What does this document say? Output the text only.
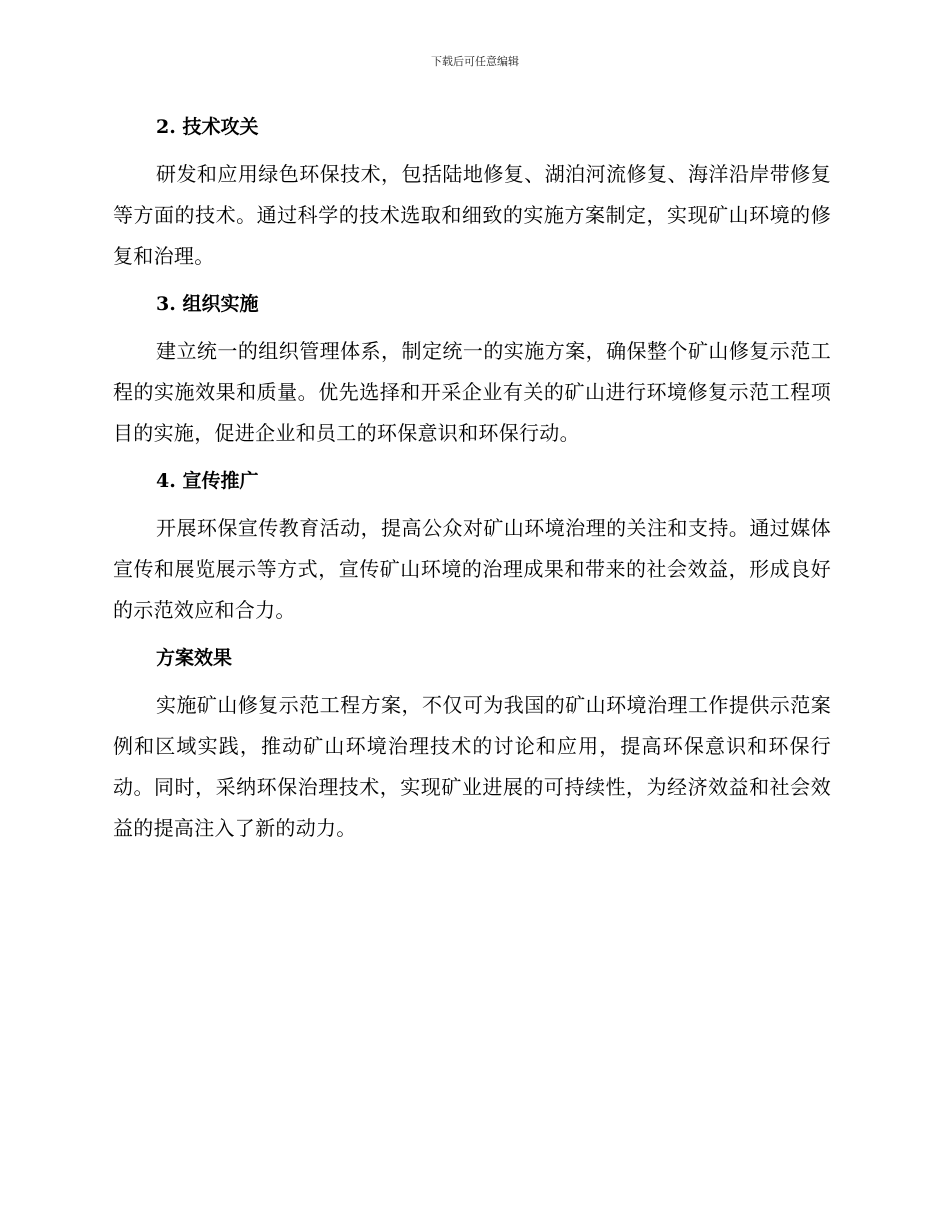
下载后可任意编辑
2. 技术攻关

研发和应用绿色环保技术，包括陆地修复、湖泊河流修复、海洋沿岸带修复等方面的技术。通过科学的技术选取和细致的实施方案制定，实现矿山环境的修复和治理。

3. 组织实施

建立统一的组织管理体系，制定统一的实施方案，确保整个矿山修复示范工程的实施效果和质量。优先选择和开采企业有关的矿山进行环境修复示范工程项目的实施，促进企业和员工的环保意识和环保行动。

4. 宣传推广

开展环保宣传教育活动，提高公众对矿山环境治理的关注和支持。通过媒体宣传和展览展示等方式，宣传矿山环境的治理成果和带来的社会效益，形成良好的示范效应和合力。

方案效果

实施矿山修复示范工程方案，不仅可为我国的矿山环境治理工作提供示范案例和区域实践，推动矿山环境治理技术的讨论和应用，提高环保意识和环保行动。同时，采纳环保治理技术，实现矿业进展的可持续性，为经济效益和社会效益的提高注入了新的动力。
